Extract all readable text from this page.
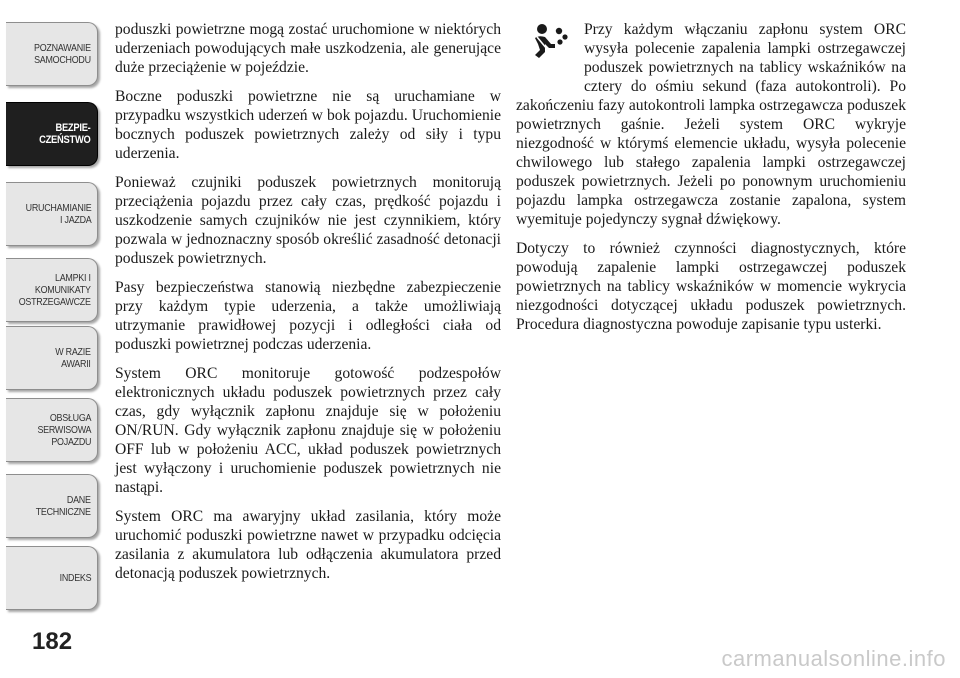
POZNAWANIE
SAMOCHODU
BEZPIE-
CZEŃSTWO
URUCHAMIANIE
I JAZDA
LAMPKI I
KOMUNIKATY
OSTRZEGAWCZE
W RAZIE
AWARII
OBSŁUGA
SERWISOWA
POJAZDU
DANE
TECHNICZNE
INDEKS
182

poduszki powietrzne mogą zostać uruchomione w niektórych uderzeniach powodujących małe uszkodzenia, ale generujące duże przeciążenie w pojeździe.

Boczne poduszki powietrzne nie są uruchamiane w przypadku wszystkich uderzeń w bok pojazdu. Uruchomienie bocznych poduszek powietrznych zależy od siły i typu uderzenia.

Ponieważ czujniki poduszek powietrznych monitorują przeciążenia pojazdu przez cały czas, prędkość pojazdu i uszkodzenie samych czujników nie jest czynnikiem, który pozwala w jednoznaczny sposób określić zasadność detonacji poduszek powietrznych.

Pasy bezpieczeństwa stanowią niezbędne zabezpieczenie przy każdym typie uderzenia, a także umożliwiają utrzymanie prawidłowej pozycji i odległości ciała od poduszki powietrznej podczas uderzenia.

System ORC monitoruje gotowość podzespołów elektronicznych układu poduszek powietrznych przez cały czas, gdy wyłącznik zapłonu znajduje się w położeniu ON/RUN. Gdy wyłącznik zapłonu znajduje się w położeniu OFF lub w położeniu ACC, układ poduszek powietrznych jest wyłączony i uruchomienie poduszek powietrznych nie nastąpi.

System ORC ma awaryjny układ zasilania, który może uruchomić poduszki powietrzne nawet w przypadku odcięcia zasilania z akumulatora lub odłączenia akumulatora przed detonacją poduszek powietrznych.

Przy każdym włączaniu zapłonu system ORC wysyła polecenie zapalenia lampki ostrzegawczej poduszek powietrznych na tablicy wskaźników na cztery do ośmiu sekund (faza autokontroli). Po zakończeniu fazy autokontroli lampka ostrzegawcza poduszek powietrznych gaśnie. Jeżeli system ORC wykryje niezgodność w którymś elemencie układu, wysyła polecenie chwilowego lub stałego zapalenia lampki ostrzegawczej poduszek powietrznych. Jeżeli po ponownym uruchomieniu pojazdu lampka ostrzegawcza zostanie zapalona, system wyemituje pojedynczy sygnał dźwiękowy.

Dotyczy to również czynności diagnostycznych, które powodują zapalenie lampki ostrzegawczej poduszek powietrznych na tablicy wskaźników w momencie wykrycia niezgodności dotyczącej układu poduszek powietrznych. Procedura diagnostyczna powoduje zapisanie typu usterki.

carmanualsonline.info
